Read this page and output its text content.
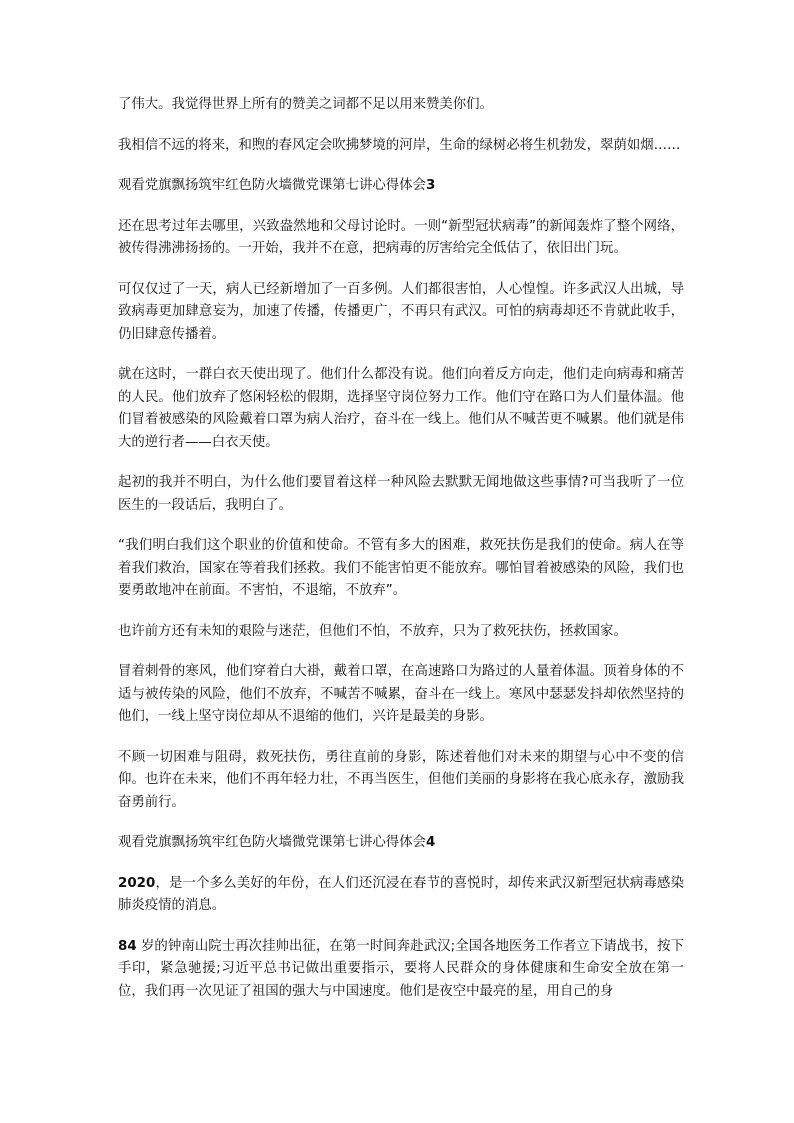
了伟大。我觉得世界上所有的赞美之词都不足以用来赞美你们。

我相信不远的将来，和煦的春风定会吹拂梦境的河岸，生命的绿树必将生机勃发，翠荫如烟……

观看党旗飘扬筑牢红色防火墙微党课第七讲心得体会3

还在思考过年去哪里，兴致盎然地和父母讨论时。一则“新型冠状病毒”的新闻轰炸了整个网络，被传得沸沸扬扬的。一开始，我并不在意，把病毒的厉害给完全低估了，依旧出门玩。

可仅仅过了一天，病人已经新增加了一百多例。人们都很害怕，人心惶惶。许多武汉人出城，导致病毒更加肆意妄为，加速了传播，传播更广，不再只有武汉。可怕的病毒却还不肯就此收手，仍旧肆意传播着。

就在这时，一群白衣天使出现了。他们什么都没有说。他们向着反方向走，他们走向病毒和痛苦的人民。他们放弃了悠闲轻松的假期，选择坚守岗位努力工作。他们守在路口为人们量体温。他们冒着被感染的风险戴着口罩为病人治疗，奋斗在一线上。他们从不喊苦更不喊累。他们就是伟大的逆行者——白衣天使。

起初的我并不明白，为什么他们要冒着这样一种风险去默默无闻地做这些事情?可当我听了一位医生的一段话后，我明白了。

“我们明白我们这个职业的价值和使命。不管有多大的困难，救死扶伤是我们的使命。病人在等着我们救治，国家在等着我们拯救。我们不能害怕更不能放弃。哪怕冒着被感染的风险，我们也要勇敢地冲在前面。不害怕，不退缩，不放弃”。

也许前方还有未知的艰险与迷茫，但他们不怕，不放弃，只为了救死扶伤，拯救国家。

冒着刺骨的寒风，他们穿着白大褂，戴着口罩，在高速路口为路过的人量着体温。顶着身体的不适与被传染的风险，他们不放弃，不喊苦不喊累，奋斗在一线上。寒风中瑟瑟发抖却依然坚持的他们，一线上坚守岗位却从不退缩的他们，兴许是最美的身影。

不顾一切困难与阻碍，救死扶伤，勇往直前的身影，陈述着他们对未来的期望与心中不变的信仰。也许在未来，他们不再年轻力壮，不再当医生，但他们美丽的身影将在我心底永存，激励我奋勇前行。

观看党旗飘扬筑牢红色防火墙微党课第七讲心得体会4

2020，是一个多么美好的年份，在人们还沉浸在春节的喜悦时，却传来武汉新型冠状病毒感染肺炎疫情的消息。

84 岁的钟南山院士再次挂帅出征，在第一时间奔赴武汉;全国各地医务工作者立下请战书，按下手印，紧急驰援;习近平总书记做出重要指示，要将人民群众的身体健康和生命安全放在第一位，我们再一次见证了祖国的强大与中国速度。他们是夜空中最亮的星，用自己的身
